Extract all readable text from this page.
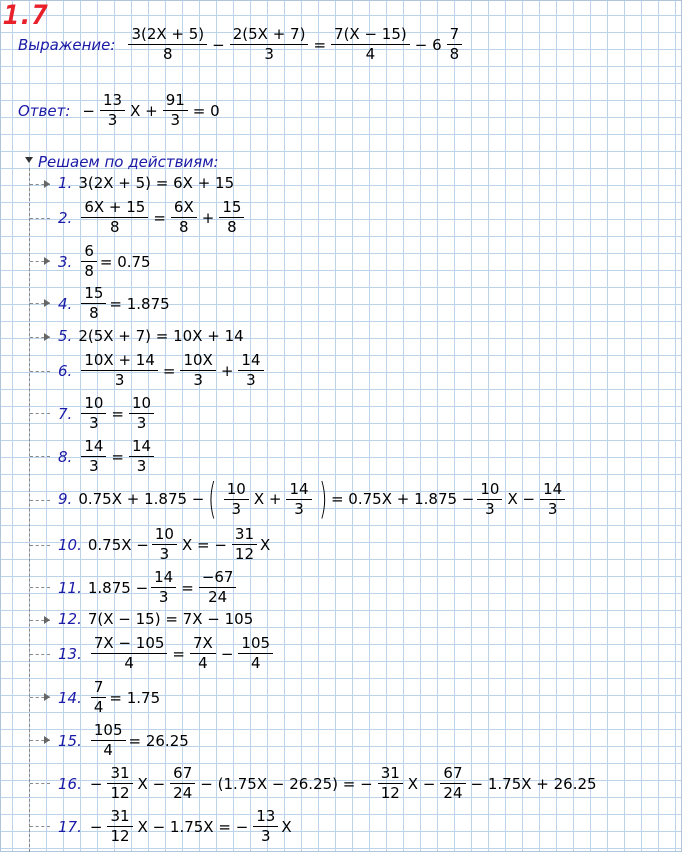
1.7
Выражение: $\frac{3(2X + 5)}{8} - \frac{2(5X + 7)}{3} = \frac{7(X - 15)}{4} - 6 \frac{7}{8}$
Ответ: − $\frac{13}{3}$ $X + \frac{91}{3} = 0$
Решаем по действиям:
1. 3(2X + 5) = 6X + 15
2. $\frac{6X + 15}{8} = \frac{6X}{8} + \frac{15}{8}$
3. $\frac{6}{8} = 0.75$
4. $\frac{15}{8} = 1.875$
5. 2(5X + 7) = 10X + 14
6. $\frac{10X + 14}{3} = \frac{10X}{3} + \frac{14}{3}$
7. $\frac{10}{3} = \frac{10}{3}$
8. $\frac{14}{3} = \frac{14}{3}$
9. 0.75X + 1.875 − ( $\frac{10}{3}$ $X + \frac{14}{3}$ ) = $0.75X + 1.875 - \frac{10}{3}$ $X - \frac{14}{3}$
10. $0.75X - \frac{10}{3}$ X = − $\frac{31}{12}$ X
11. $1.875 - \frac{14}{3} = \frac{-67}{24}$
12. 7(X − 15) = 7X − 105
13. $\frac{7X - 105}{4} = \frac{7X}{4} - \frac{105}{4}$
14. $\frac{7}{4} = 1.75$
15. $\frac{105}{4} = 26.25$
16. − $\frac{31}{12}$ $X - \frac{67}{24} - (1.75X - 26.25)$ = − $\frac{31}{12}$ $X - \frac{67}{24} - 1.75X + 26.25$
17. − $\frac{31}{12}$ X − 1.75X = − $\frac{13}{3}$ X
